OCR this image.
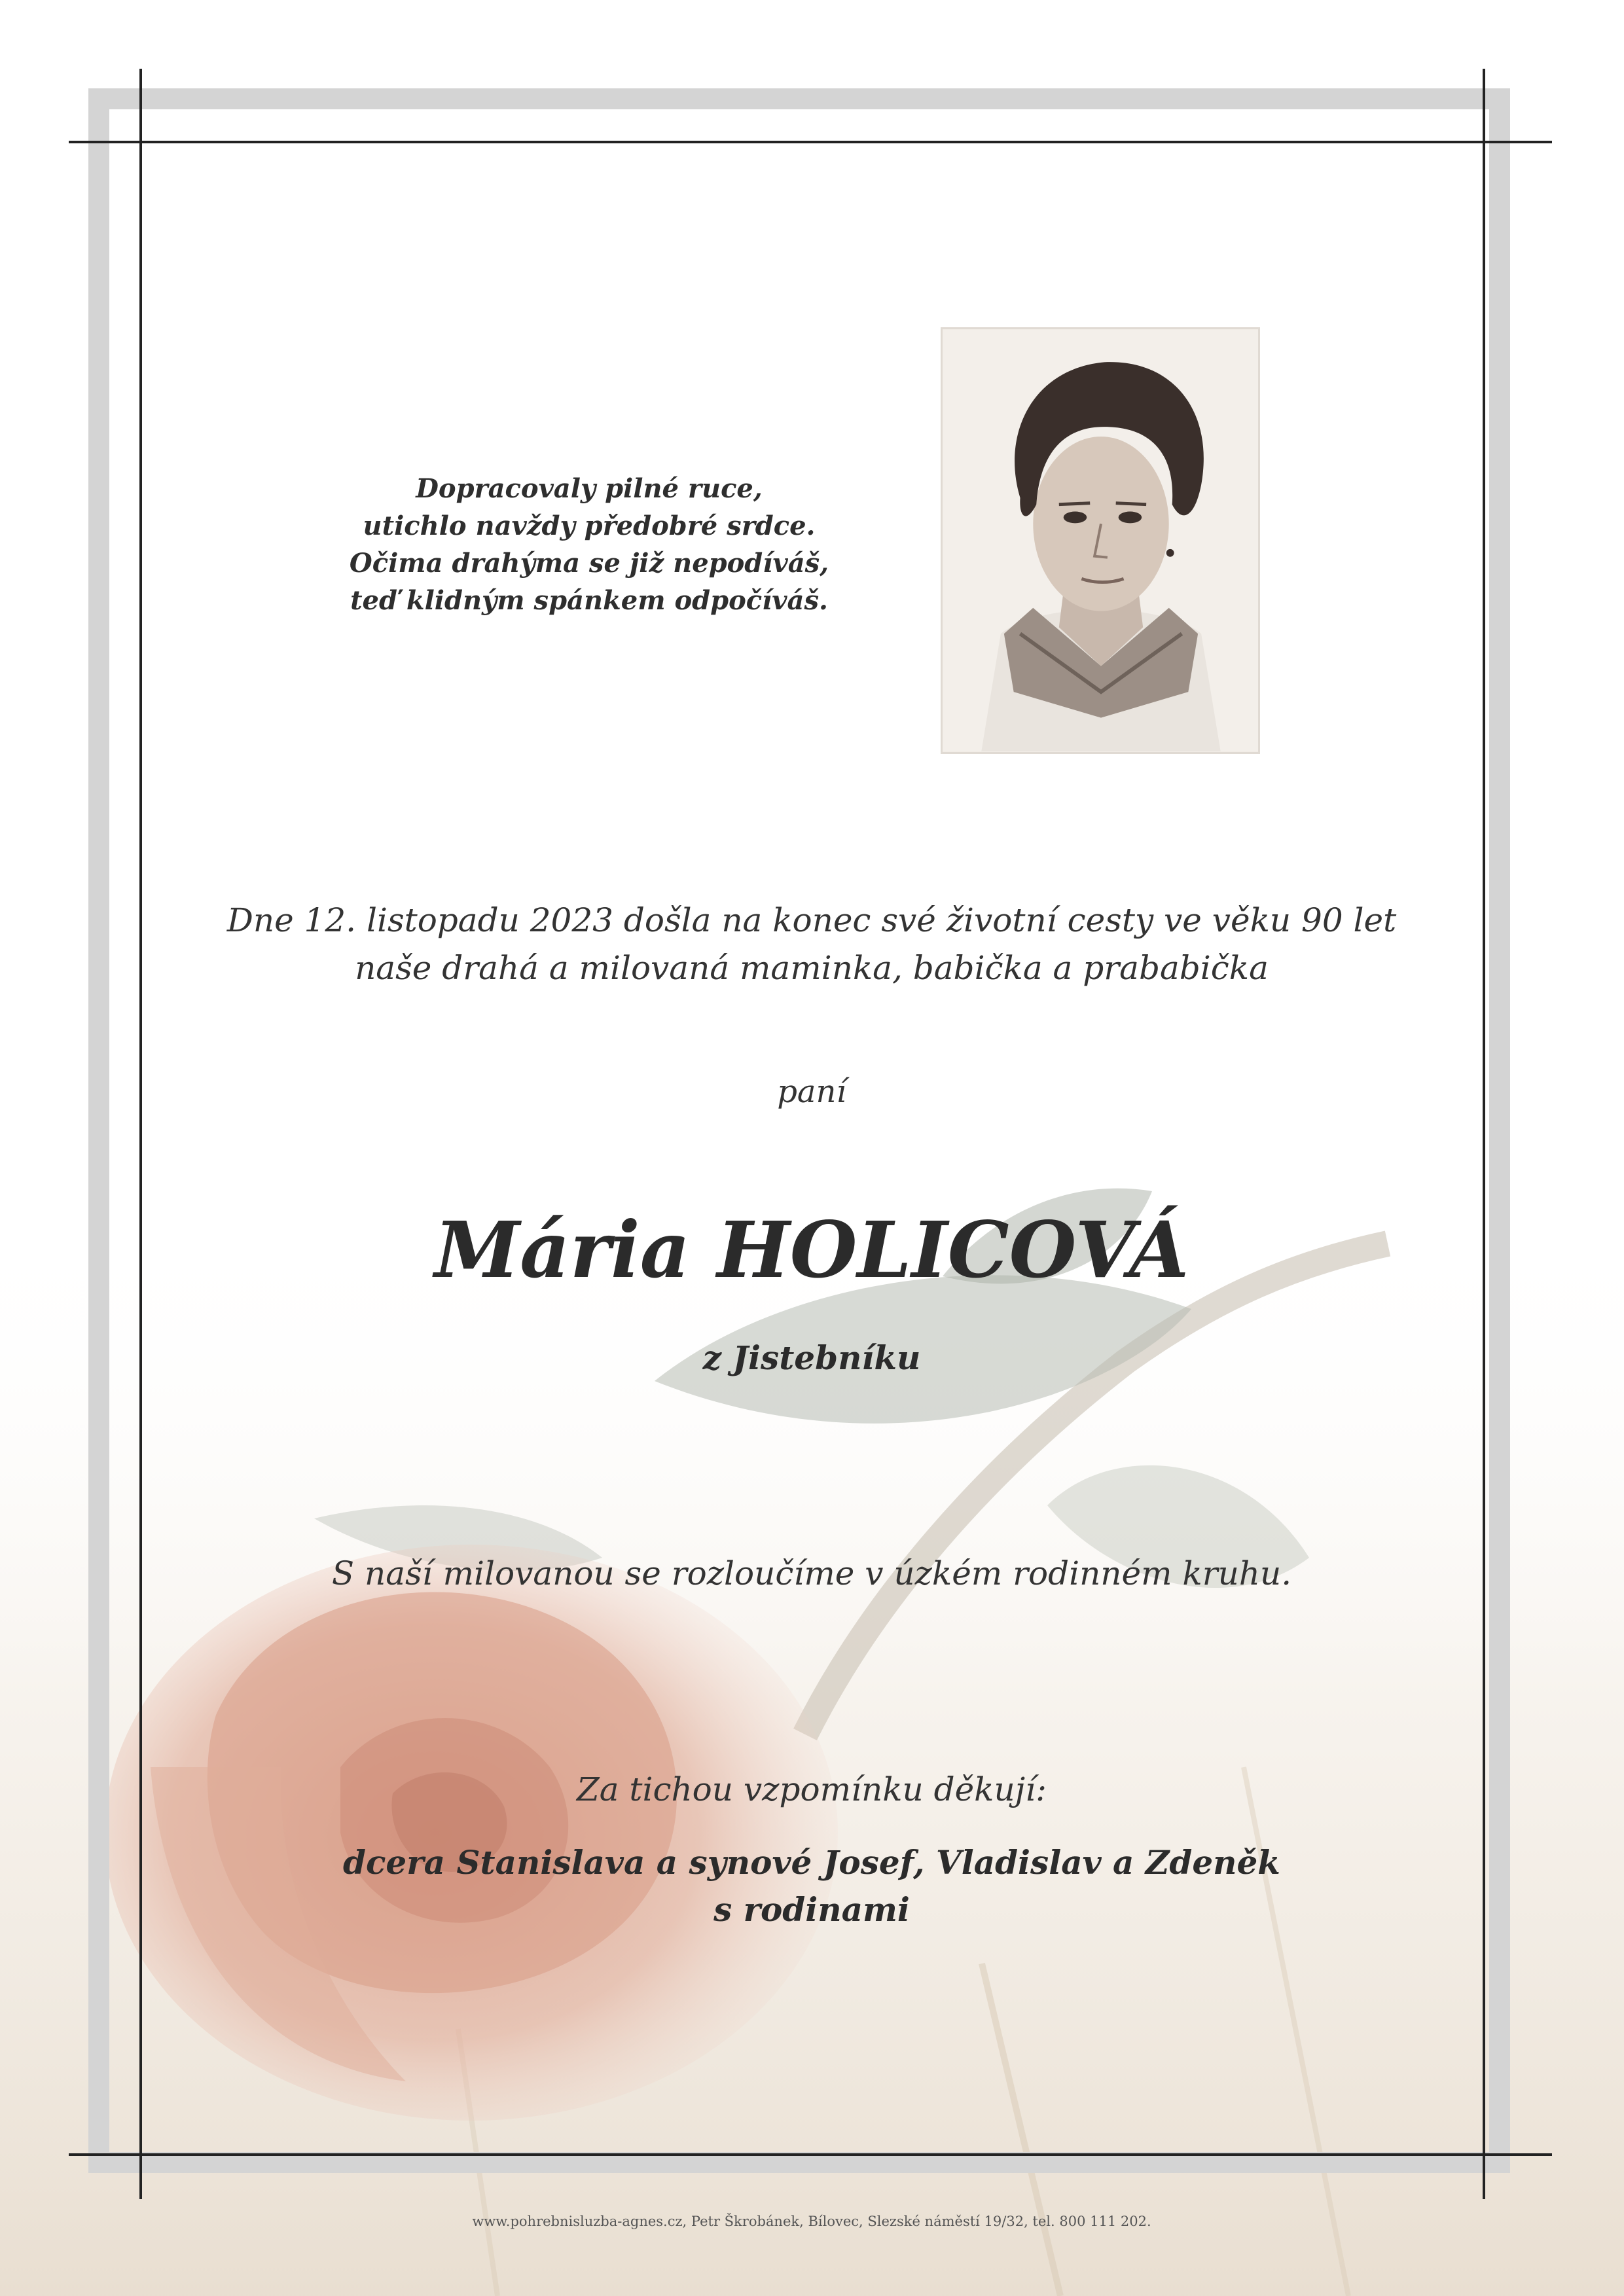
Dopracovaly pilné ruce,
utichlo navždy předobré srdce.
Očima drahýma se již nepodíváš,
teď klidným spánkem odpočíváš.
Dne 12. listopadu 2023 došla na konec své životní cesty ve věku 90 let
naše drahá a milovaná maminka, babička a prababička
paní
Mária HOLICOVÁ
z Jistebníku
S naší milovanou se rozloučíme v úzkém rodinném kruhu.
Za tichou vzpomínku děkují:
dcera Stanislava a synové Josef, Vladislav a Zdeněk
s rodinami
www.pohrebnisluzba-agnes.cz, Petr Škrobánek, Bílovec, Slezské náměstí 19/32, tel. 800 111 202.
